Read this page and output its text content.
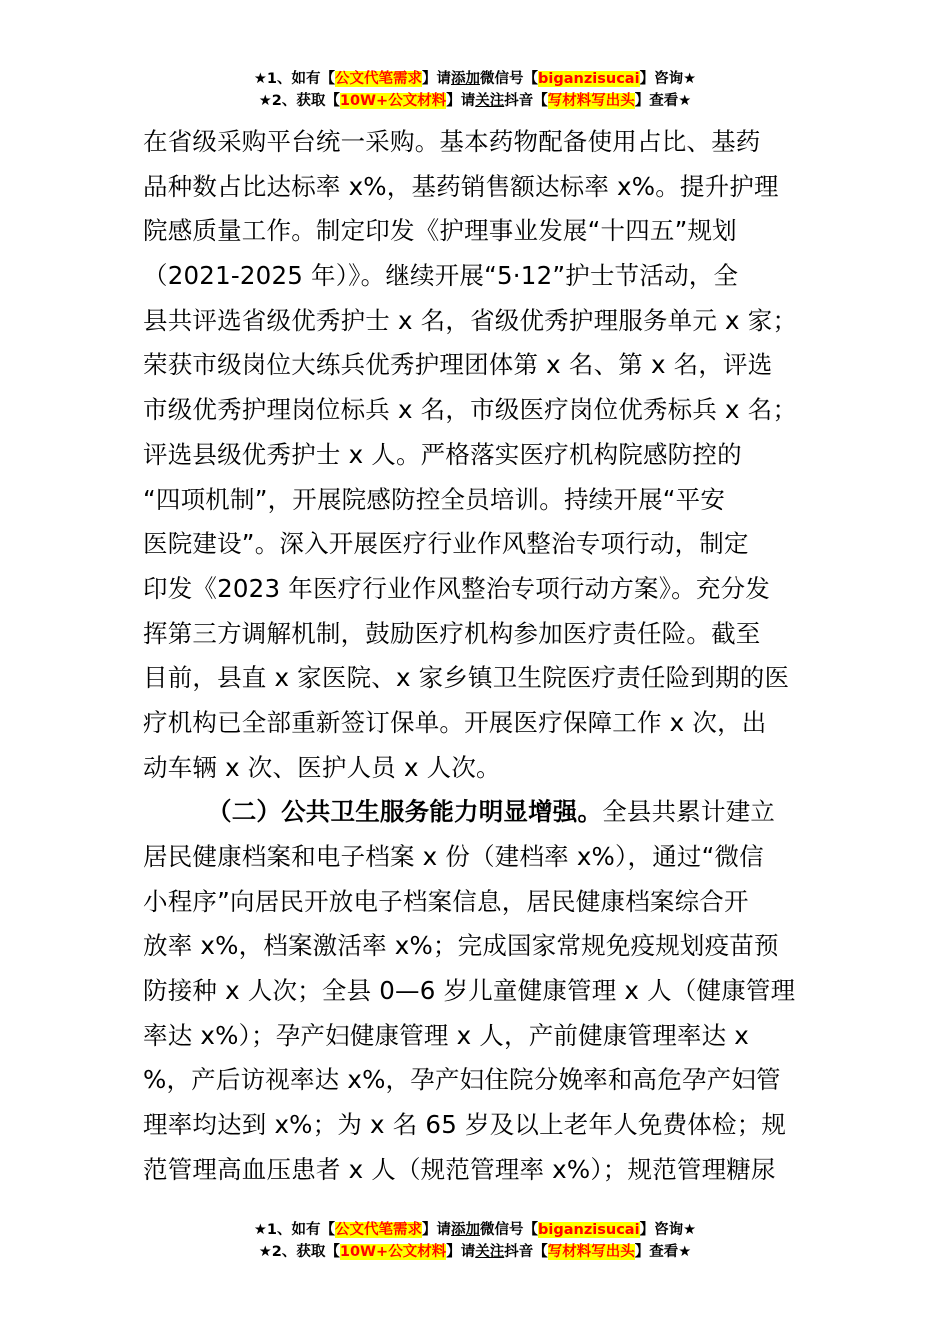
★1、如有【公文代笔需求】请添加微信号【biganzisucai】咨询★
★2、获取【10W+公文材料】请关注抖音【写材料写出头】查看★
在省级采购平台统一采购。基本药物配备使用占比、基药
品种数占比达标率 x%，基药销售额达标率 x%。提升护理
院感质量工作。制定印发《护理事业发展“十四五”规划
（2021-2025 年）》。继续开展“5·12”护士节活动，全
县共评选省级优秀护士 x 名，省级优秀护理服务单元 x 家；
荣获市级岗位大练兵优秀护理团体第 x 名、第 x 名，评选
市级优秀护理岗位标兵 x 名，市级医疗岗位优秀标兵 x 名；
评选县级优秀护士 x 人。严格落实医疗机构院感防控的
“四项机制”，开展院感防控全员培训。持续开展“平安
医院建设”。深入开展医疗行业作风整治专项行动，制定
印发《2023 年医疗行业作风整治专项行动方案》。充分发
挥第三方调解机制，鼓励医疗机构参加医疗责任险。截至
目前，县直 x 家医院、x 家乡镇卫生院医疗责任险到期的医
疗机构已全部重新签订保单。开展医疗保障工作 x 次，出
动车辆 x 次、医护人员 x 人次。
（二）公共卫生服务能力明显增强。全县共累计建立
居民健康档案和电子档案 x 份（建档率 x%），通过“微信
小程序”向居民开放电子档案信息，居民健康档案综合开
放率 x%，档案激活率 x%；完成国家常规免疫规划疫苗预
防接种 x 人次；全县 0—6 岁儿童健康管理 x 人（健康管理
率达 x%）；孕产妇健康管理 x 人，产前健康管理率达 x
%，产后访视率达 x%，孕产妇住院分娩率和高危孕产妇管
理率均达到 x%；为 x 名 65 岁及以上老年人免费体检；规
范管理高血压患者 x 人（规范管理率 x%）；规范管理糖尿
★1、如有【公文代笔需求】请添加微信号【biganzisucai】咨询★
★2、获取【10W+公文材料】请关注抖音【写材料写出头】查看★
